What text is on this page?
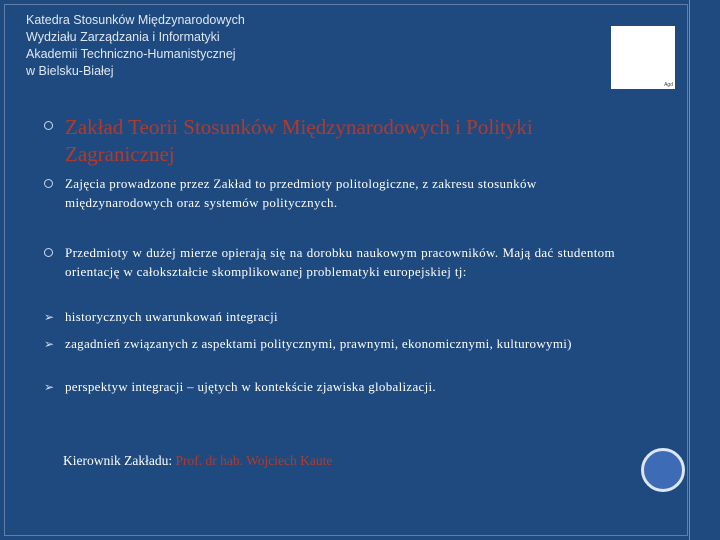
Katedra Stosunków Międzynarodowych
Wydziału Zarządzania i Informatyki
Akademii Techniczno-Humanistycznej
w Bielsku-Białej
Agd
Zakład Teorii Stosunków Międzynarodowych i Polityki Zagranicznej
Zajęcia prowadzone przez Zakład to przedmioty politologiczne, z zakresu stosunków międzynarodowych oraz systemów politycznych.
Przedmioty w dużej mierze opierają się na dorobku naukowym pracowników. Mają dać studentom orientację w całokształcie skomplikowanej problematyki europejskiej tj:
➢ historycznych uwarunkowań integracji
➢ zagadnień związanych z aspektami politycznymi, prawnymi, ekonomicznymi, kulturowymi)
➢ perspektyw integracji – ujętych w kontekście zjawiska globalizacji.
Kierownik Zakładu: Prof. dr hab. Wojciech Kaute
